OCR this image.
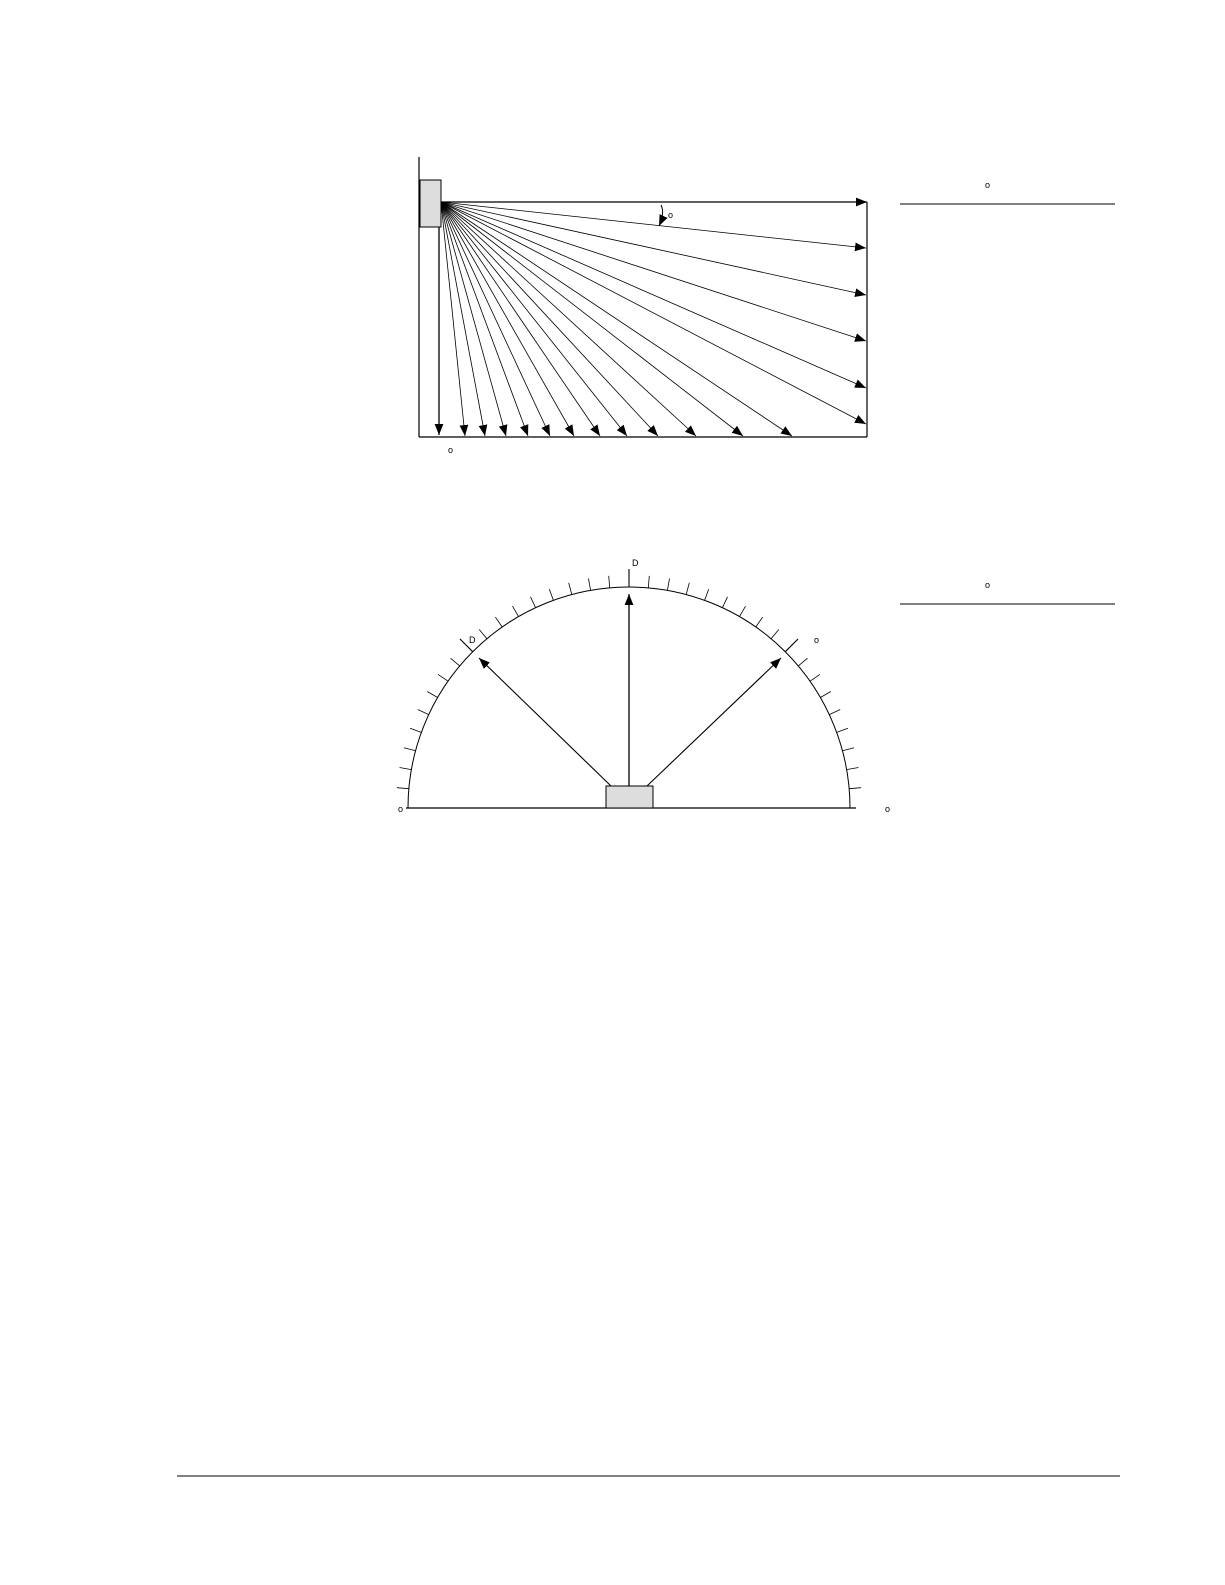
o
o
o
D
D	o
o	o
o
